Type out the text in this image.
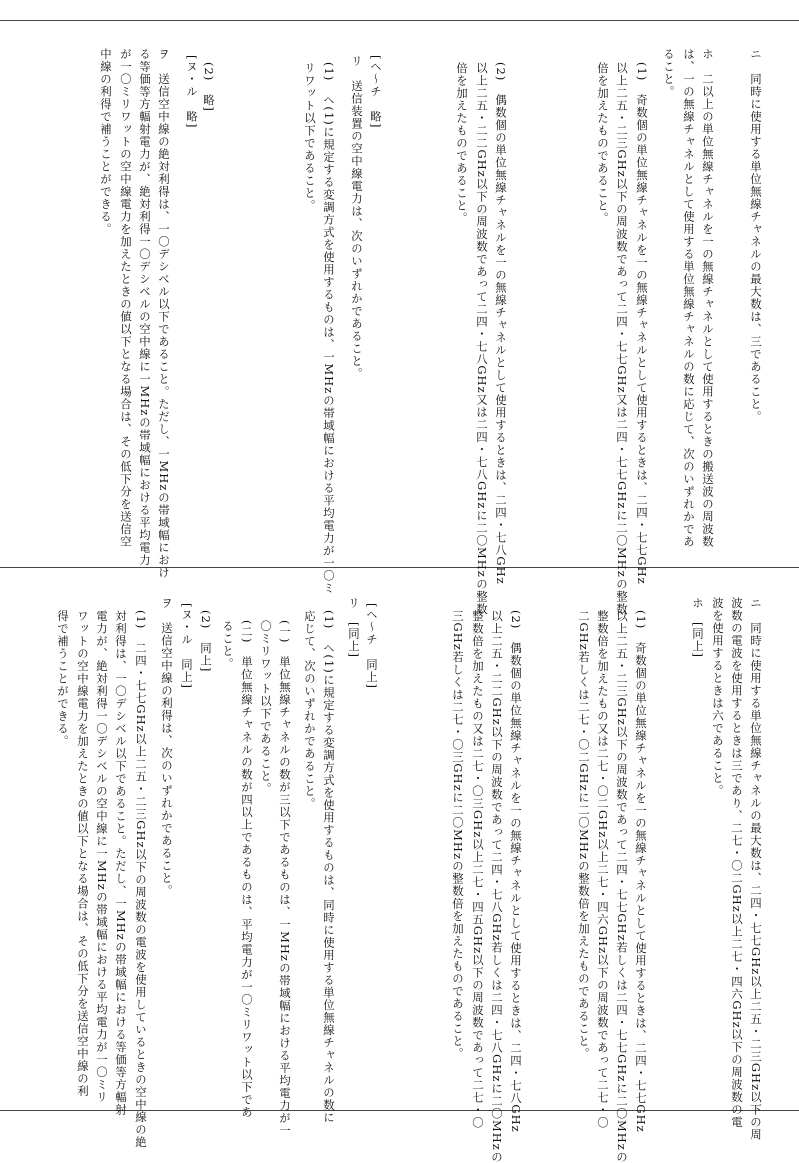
ニ　同時に使用する単位無線チャネルの最大数は、三であること。
ホ　二以上の単位無線チャネルを一の無線チャネルとして使用するときの搬送波の周波数
は、一の無線チャネルとして使用する単位無線チャネルの数に応じて、次のいずれかであ
ること。
(1)　奇数個の単位無線チャネルを一の無線チャネルとして使用するときは、二四・七七GHz
以上二五・二三GHz以下の周波数であって二四・七七GHz又は二四・七七GHzに二〇MHzの整数
倍を加えたものであること。
(2)　偶数個の単位無線チャネルを一の無線チャネルとして使用するときは、二四・七八GHz
以上二五・二二GHz以下の周波数であって二四・七八GHz又は二四・七八GHzに二〇MHzの整数
倍を加えたものであること。
[ヘ〜チ　略]
リ　送信装置の空中線電力は、次のいずれかであること。
(1)　ヘ(1)に規定する変調方式を使用するものは、一MHzの帯域幅における平均電力が一〇ミ
リワット以下であること。
(2)　略]
[ヌ・ル　略]
ヲ　送信空中線の絶対利得は、一〇デシベル以下であること。ただし、一MHzの帯域幅におけ
る等価等方輻射電力が、絶対利得一〇デシベルの空中線に一MHzの帯域幅における平均電力
が一〇ミリワットの空中線電力を加えたときの値以下となる場合は、その低下分を送信空
中線の利得で補うことができる。
ニ　同時に使用する単位無線チャネルの最大数は、二四・七七GHz以上二五・二三GHz以下の周
波数の電波を使用するときは三であり、二七・〇二GHz以上二七・四六GHz以下の周波数の電
波を使用するときは六であること。
ホ　[同上]
(1)　奇数個の単位無線チャネルを一の無線チャネルとして使用するときは、二四・七七GHz
以上二五・二三GHz以下の周波数であって二四・七七GHz若しくは二四・七七GHzに二〇MHzの
整数倍を加えたもの又は二七・〇二GHz以上二七・四六GHz以下の周波数であって二七・〇
二GHz若しくは二七・〇二GHzに二〇MHzの整数倍を加えたものであること。
(2)　偶数個の単位無線チャネルを一の無線チャネルとして使用するときは、二四・七八GHz
以上二五・二二GHz以下の周波数であって二四・七八GHz若しくは二四・七八GHzに二〇MHzの
整数倍を加えたもの又は二七・〇三GHz以上二七・四五GHz以下の周波数であって二七・〇
三GHz若しくは二七・〇三GHzに二〇MHzの整数倍を加えたものであること。
[ヘ〜チ　同上]
リ　[同上]
(1)　ヘ(1)に規定する変調方式を使用するものは、同時に使用する単位無線チャネルの数に
応じて、次のいずれかであること。
(一)　単位無線チャネルの数が三以下であるものは、一MHzの帯域幅における平均電力が一
〇ミリワット以下であること。
(二)　単位無線チャネルの数が四以上であるものは、平均電力が一〇ミリワット以下であ
ること。
(2)　同上]
[ヌ・ル　同上]
ヲ　送信空中線の利得は、次のいずれかであること。
(1)　二四・七七GHz以上二五・二三GHz以下の周波数の電波を使用しているときの空中線の絶
対利得は、一〇デシベル以下であること。ただし、一MHzの帯域幅における等価等方輻射
電力が、絶対利得一〇デシベルの空中線に一MHzの帯域幅における平均電力が一〇ミリ
ワットの空中線電力を加えたときの値以下となる場合は、その低下分を送信空中線の利
得で補うことができる。
